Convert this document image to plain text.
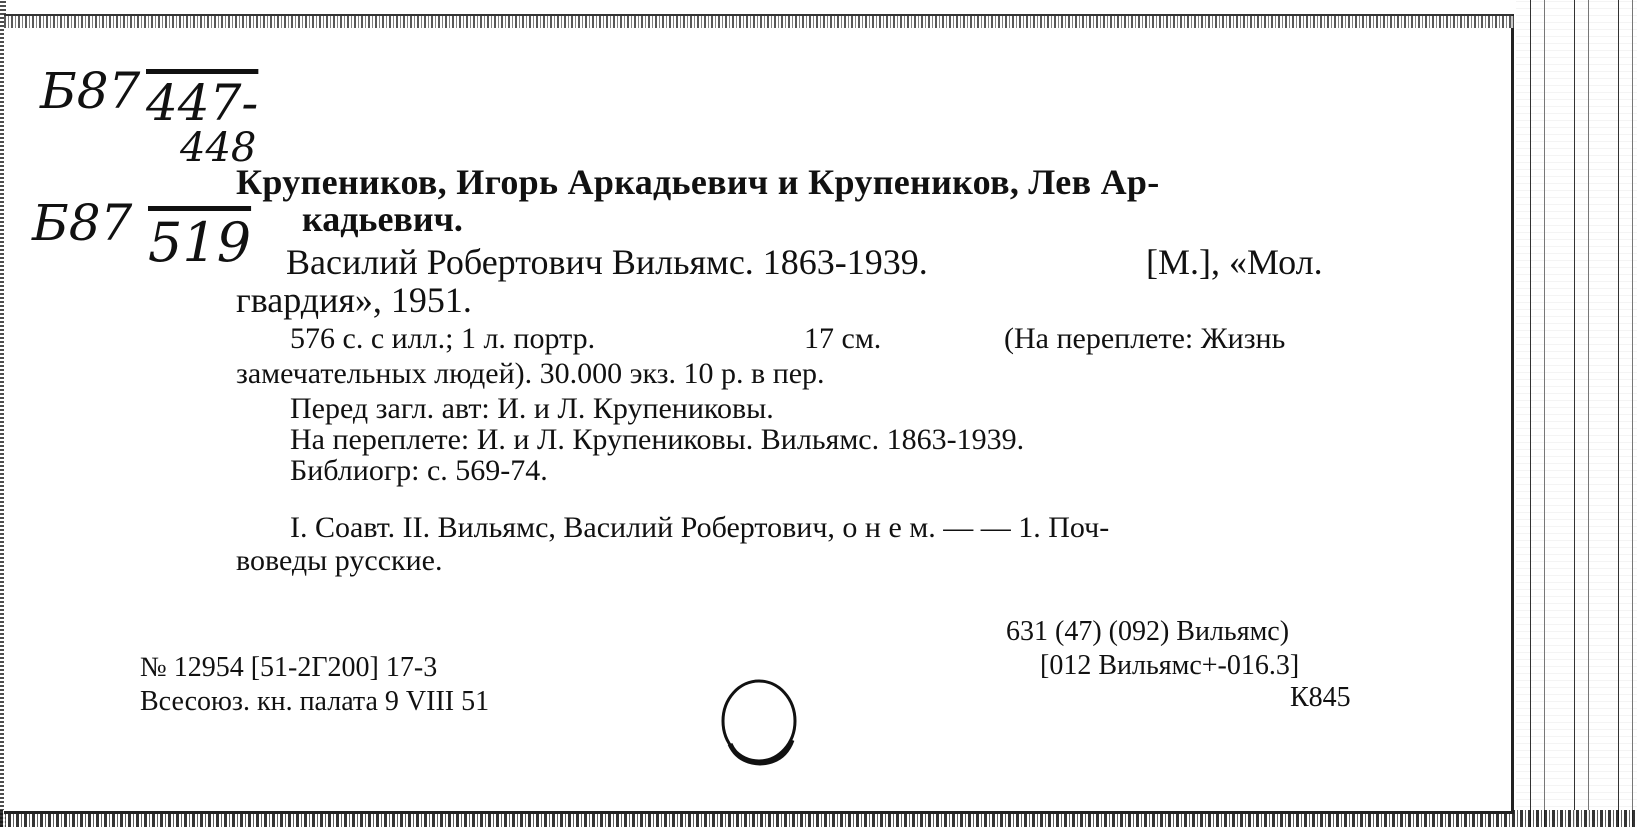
Б87 447-
448
Б87 519
Крупеников, Игорь Аркадьевич и Крупеников, Лев Ар-
кадьевич.
Василий Робертович Вильямс. 1863-1939.	[M.], «Мол.
гвардия», 1951.
576 с. с илл.; 1 л. портр.	17 см.	(На переплете: Жизнь
замечательных людей). 30.000 экз. 10 р. в пер.
Перед загл. авт: И. и Л. Крупениковы.
На переплете: И. и Л. Крупениковы. Вильямс. 1863-1939.
Библиогр: с. 569-74.
I. Соавт. II. Вильямс, Василий Робертович, о н е м. — — 1. Поч-
воведы русские.
№ 12954 [51-2Г200] 17-3
Всесоюз. кн. палата 9 VIII 51
631 (47) (092) Вильямс)
[012 Вильямс+-016.3]
К845
